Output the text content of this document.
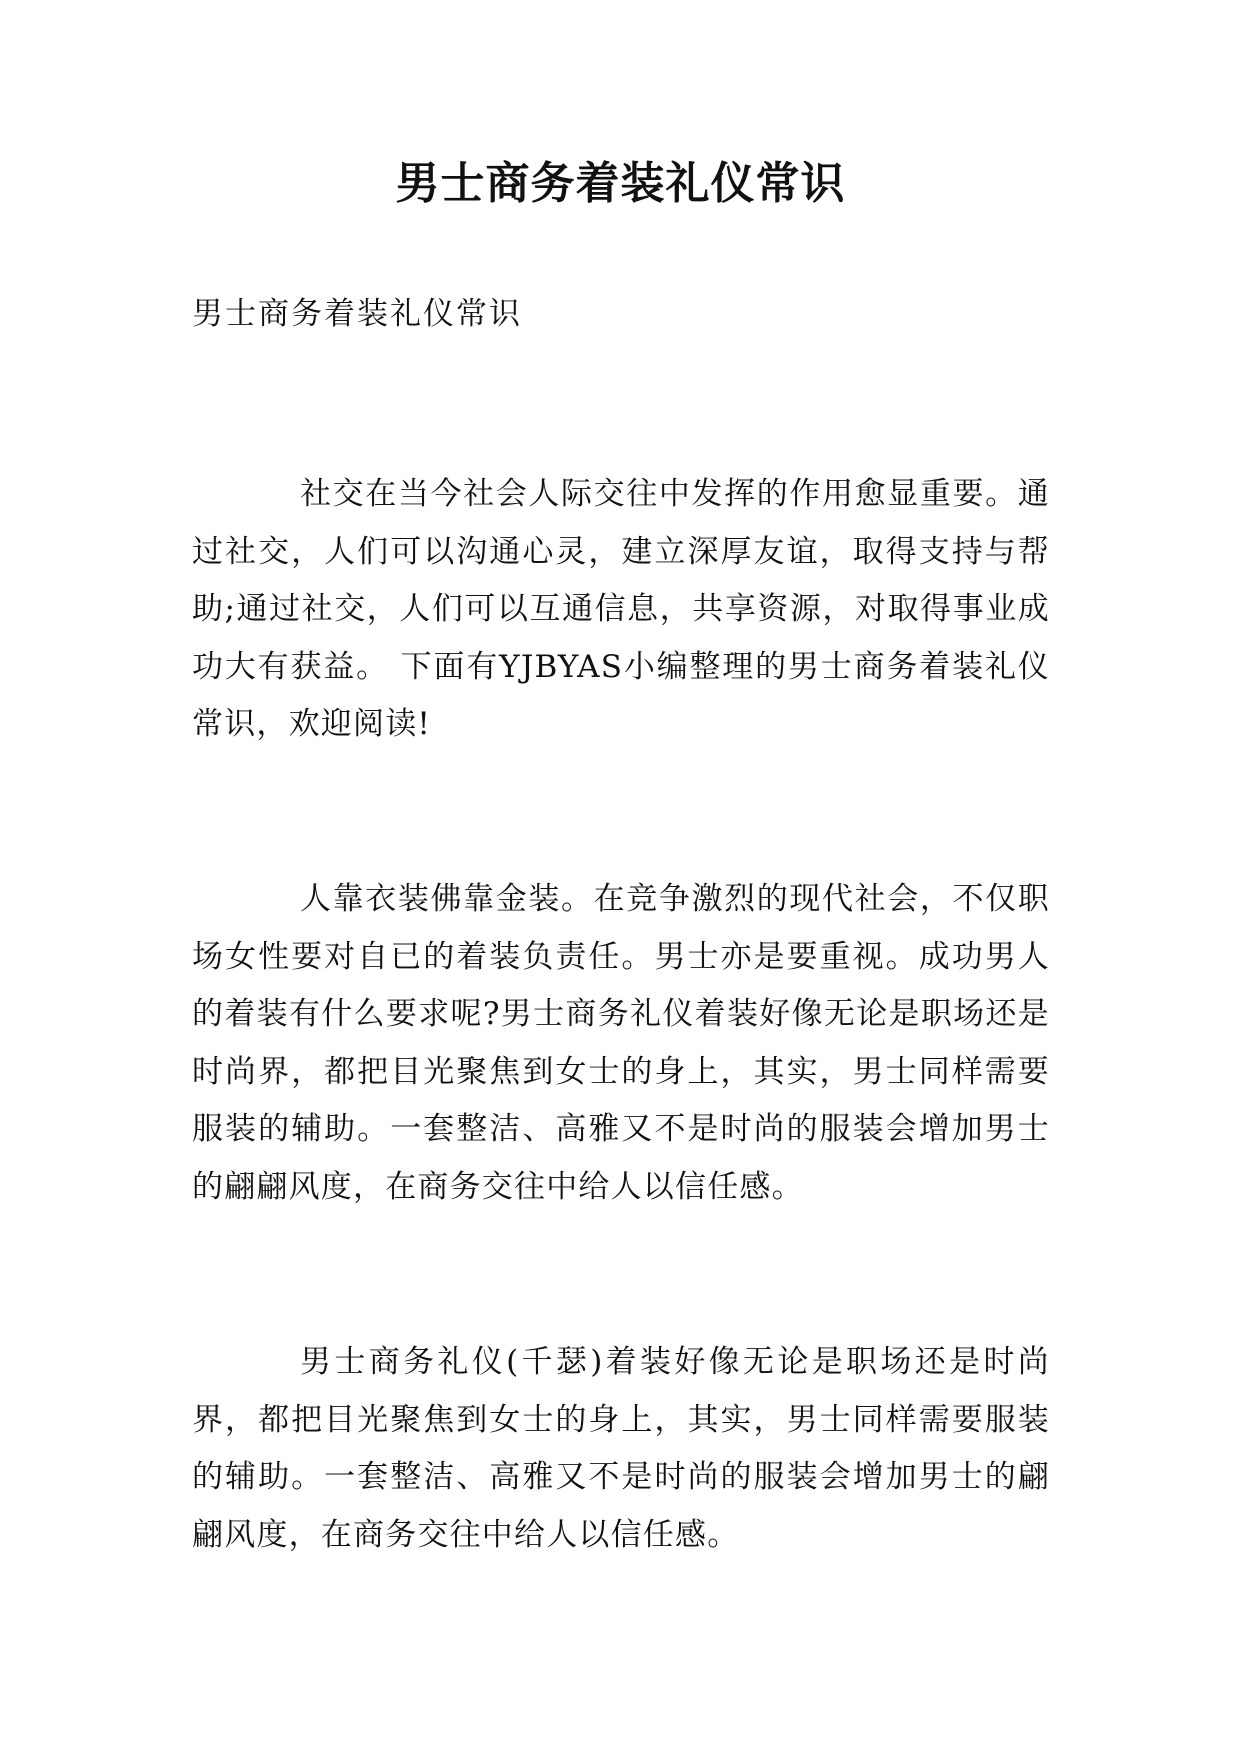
男士商务着装礼仪常识

男士商务着装礼仪常识

社交在当今社会人际交往中发挥的作用愈显重要。通过社交，人们可以沟通心灵，建立深厚友谊，取得支持与帮助;通过社交，人们可以互通信息，共享资源，对取得事业成功大有获益。 下面有YJBYAS小编整理的男士商务着装礼仪常识，欢迎阅读!

人靠衣装佛靠金装。在竞争激烈的现代社会，不仅职场女性要对自已的着装负责任。男士亦是要重视。成功男人的着装有什么要求呢?男士商务礼仪着装好像无论是职场还是时尚界，都把目光聚焦到女士的身上，其实，男士同样需要服装的辅助。一套整洁、高雅又不是时尚的服装会增加男士的翩翩风度，在商务交往中给人以信任感。

男士商务礼仪(千瑟)着装好像无论是职场还是时尚界，都把目光聚焦到女士的身上，其实，男士同样需要服装的辅助。一套整洁、高雅又不是时尚的服装会增加男士的翩翩风度，在商务交往中给人以信任感。
